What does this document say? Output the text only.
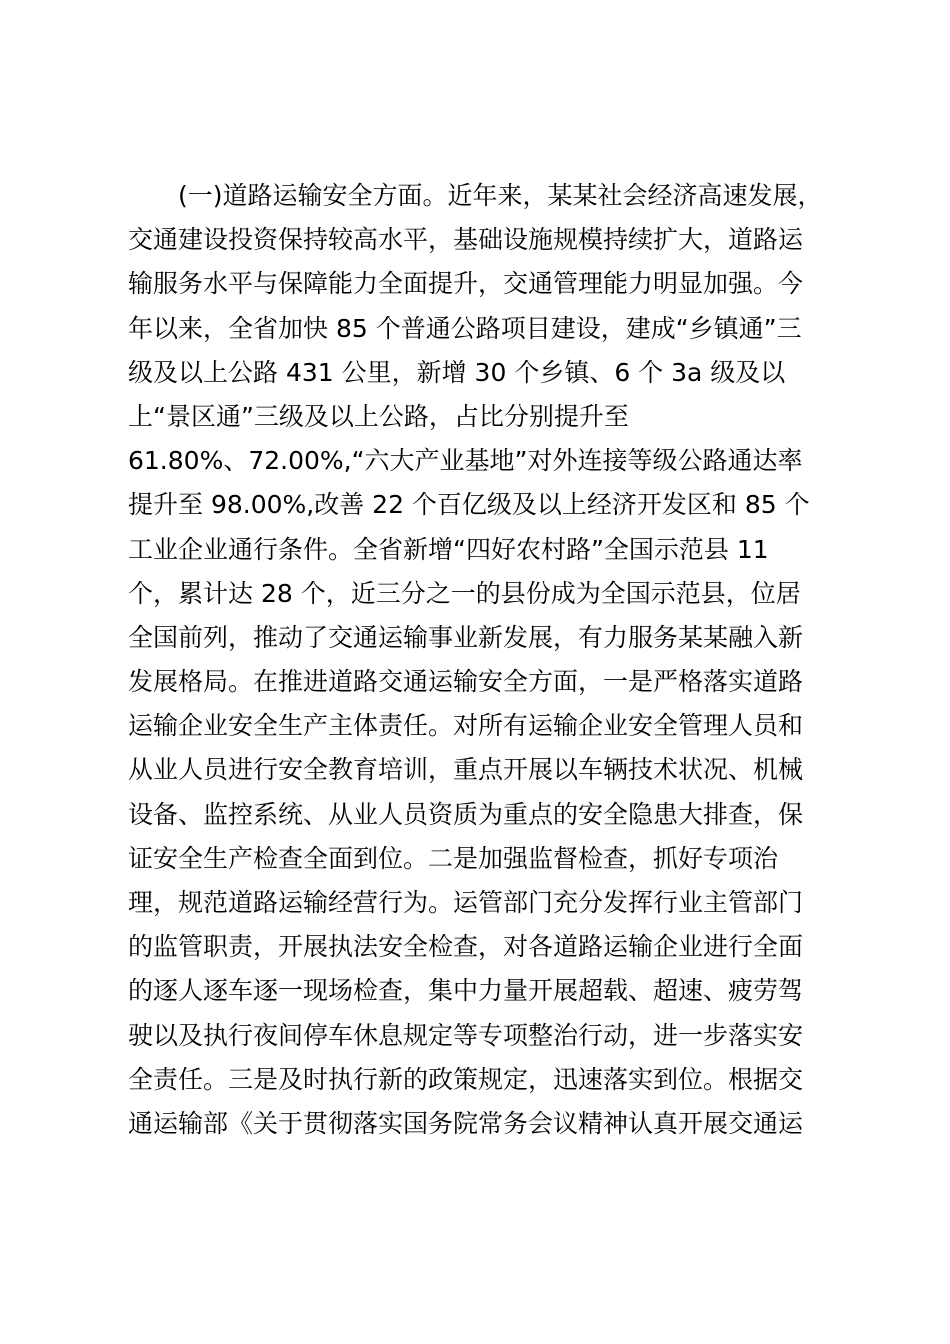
(一)道路运输安全方面。近年来，某某社会经济高速发展，
交通建设投资保持较高水平，基础设施规模持续扩大，道路运
输服务水平与保障能力全面提升，交通管理能力明显加强。今
年以来，全省加快 85 个普通公路项目建设，建成“乡镇通”三
级及以上公路 431 公里，新增 30 个乡镇、6 个 3a 级及以
上“景区通”三级及以上公路，占比分别提升至
61.80%、72.00%,“六大产业基地”对外连接等级公路通达率
提升至 98.00%,改善 22 个百亿级及以上经济开发区和 85 个
工业企业通行条件。全省新增“四好农村路”全国示范县 11
个，累计达 28 个，近三分之一的县份成为全国示范县，位居
全国前列，推动了交通运输事业新发展，有力服务某某融入新
发展格局。在推进道路交通运输安全方面，一是严格落实道路
运输企业安全生产主体责任。对所有运输企业安全管理人员和
从业人员进行安全教育培训，重点开展以车辆技术状况、机械
设备、监控系统、从业人员资质为重点的安全隐患大排查，保
证安全生产检查全面到位。二是加强监督检查，抓好专项治
理，规范道路运输经营行为。运管部门充分发挥行业主管部门
的监管职责，开展执法安全检查，对各道路运输企业进行全面
的逐人逐车逐一现场检查，集中力量开展超载、超速、疲劳驾
驶以及执行夜间停车休息规定等专项整治行动，进一步落实安
全责任。三是及时执行新的政策规定，迅速落实到位。根据交
通运输部《关于贯彻落实国务院常务会议精神认真开展交通运
